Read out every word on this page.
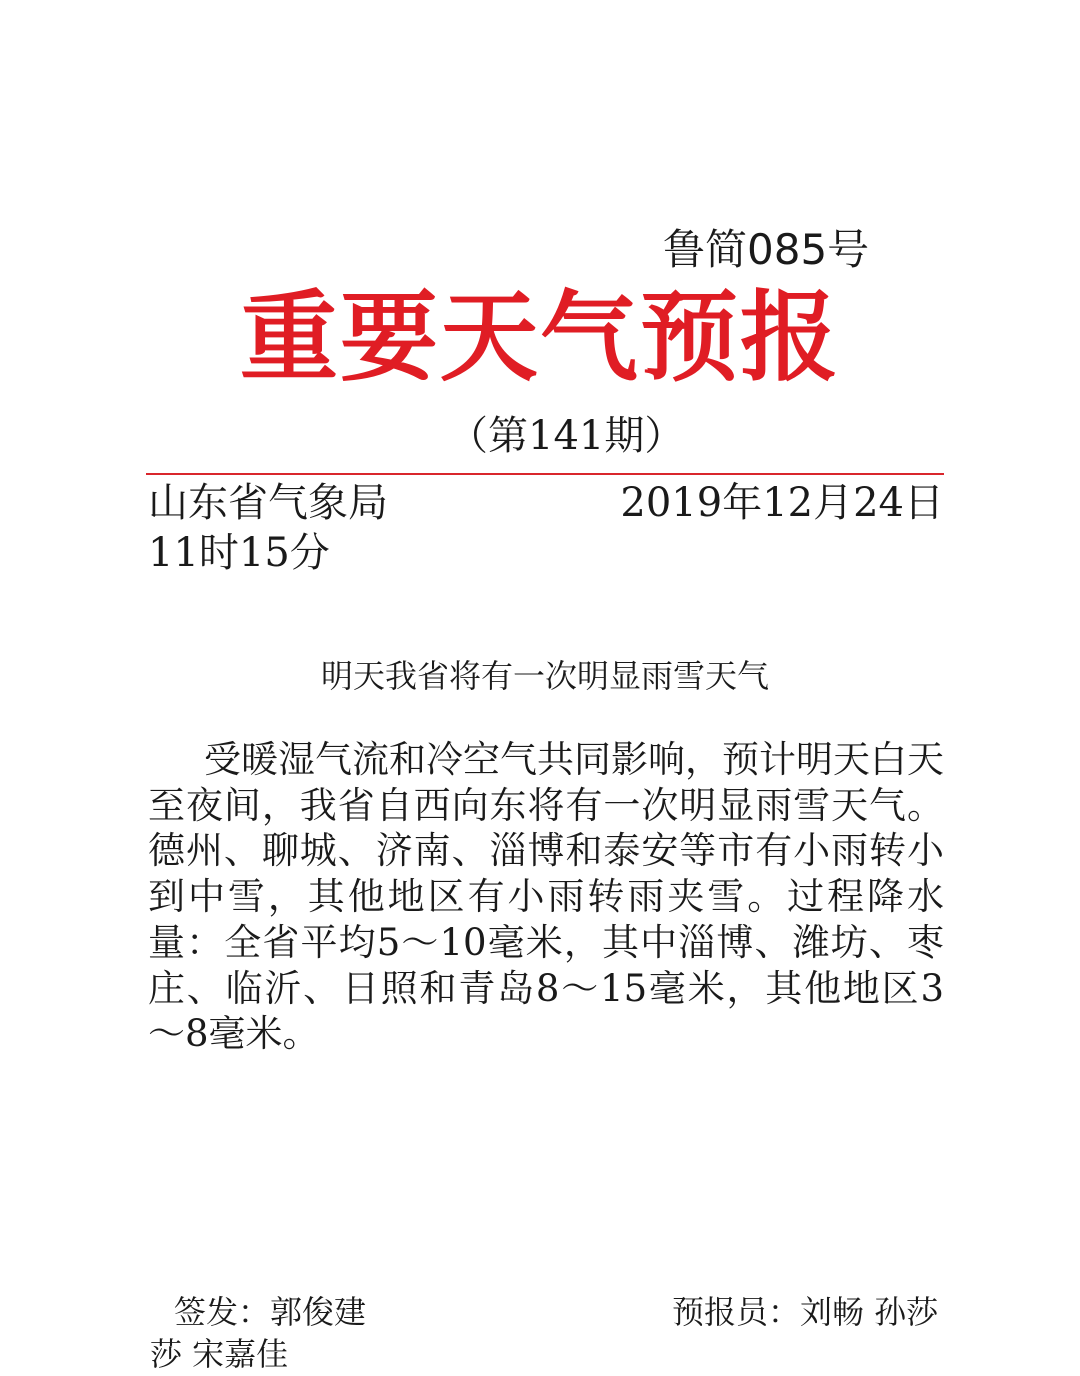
鲁简085号
重要天气预报
（第141期）
山东省气象局	2019年12月24日
11时15分
明天我省将有一次明显雨雪天气
受暖湿气流和冷空气共同影响，预计明天白天至夜间，我省自西向东将有一次明显雨雪天气。德州、聊城、济南、淄博和泰安等市有小雨转小到中雪，其他地区有小雨转雨夹雪。过程降水量：全省平均5～10毫米，其中淄博、潍坊、枣庄、临沂、日照和青岛8～15毫米，其他地区3～8毫米。
签发：郭俊建	预报员：刘畅 孙莎
莎 宋嘉佳
